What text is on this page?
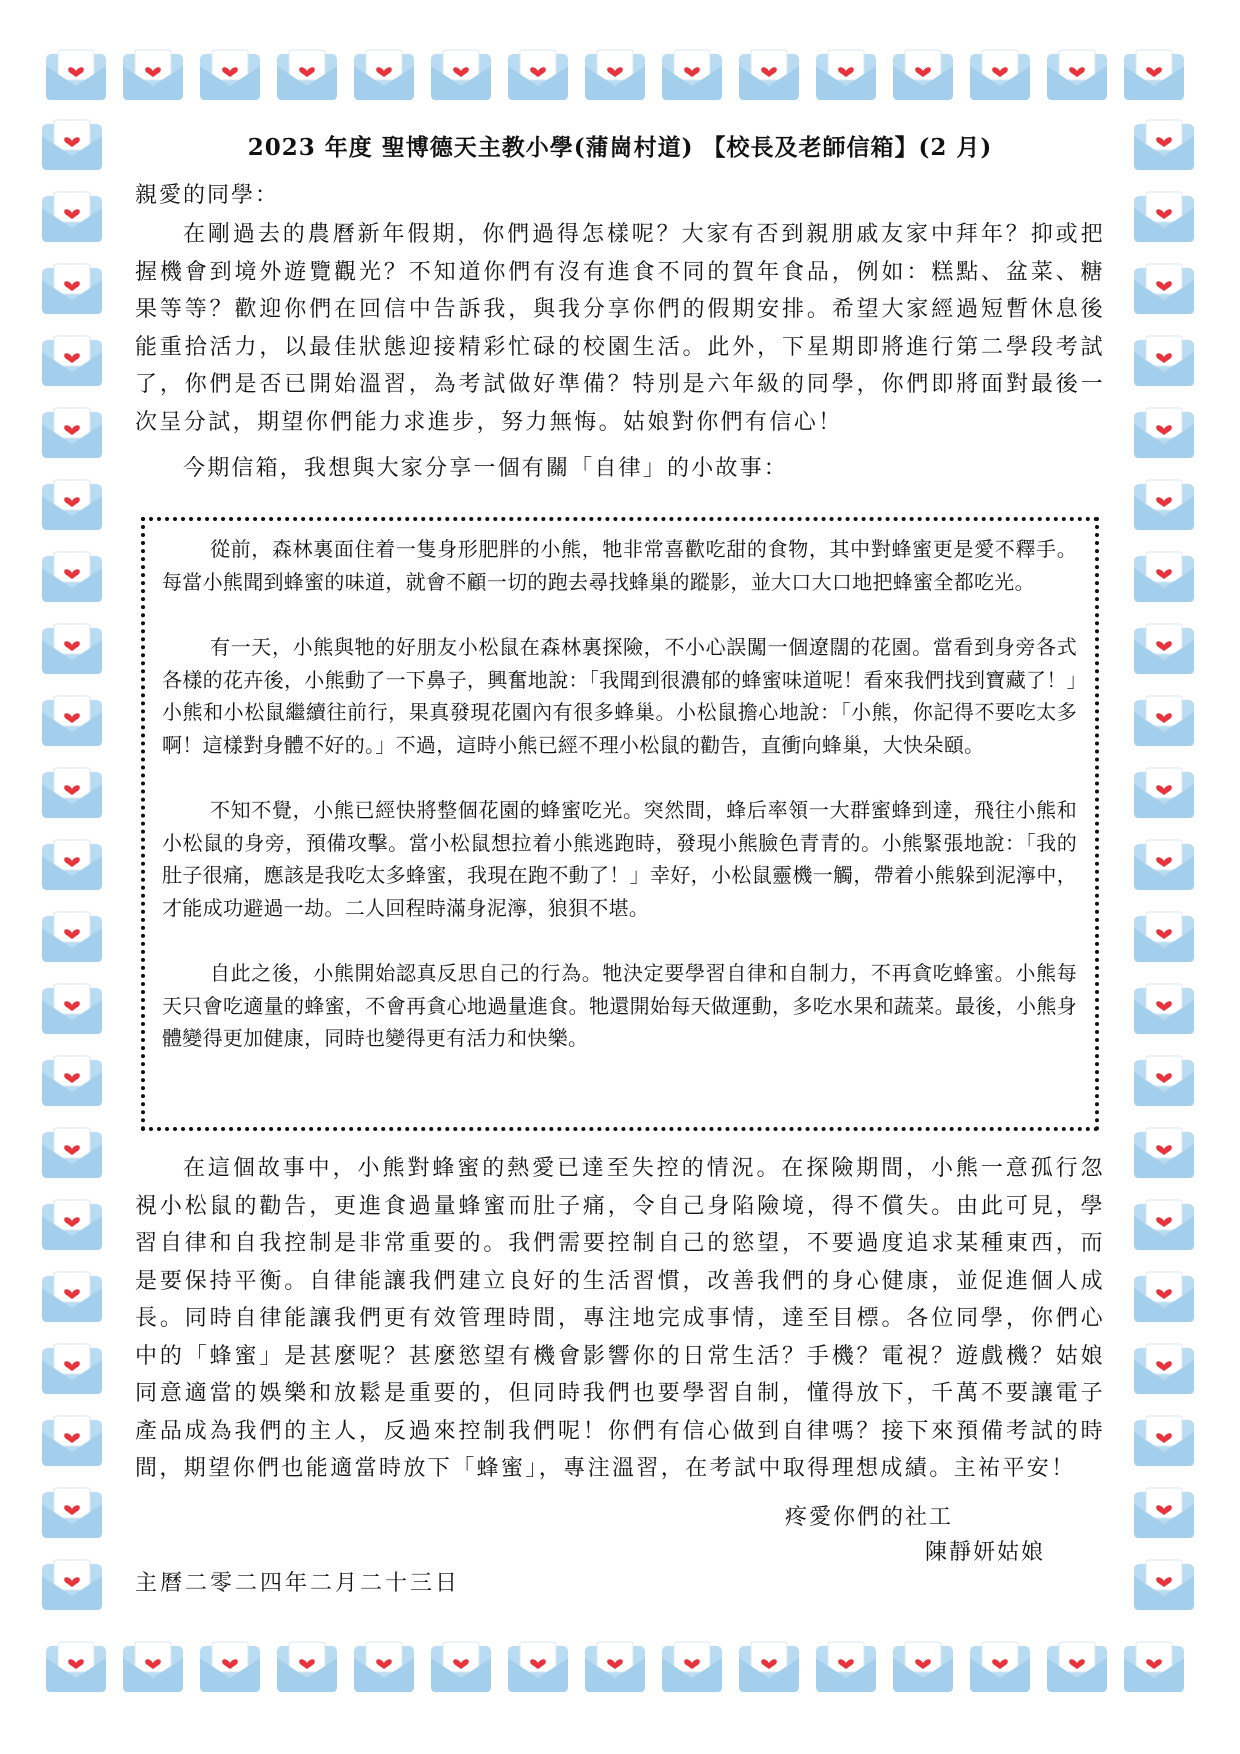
2023 年度 聖博德天主教小學(蒲崗村道) 【校長及老師信箱】(2 月)
親愛的同學：

在剛過去的農曆新年假期，你們過得怎樣呢？大家有否到親朋戚友家中拜年？抑或把握機會到境外遊覽觀光？不知道你們有沒有進食不同的賀年食品，例如：糕點、盆菜、糖果等等？歡迎你們在回信中告訴我，與我分享你們的假期安排。希望大家經過短暫休息後能重拾活力，以最佳狀態迎接精彩忙碌的校園生活。此外，下星期即將進行第二學段考試了，你們是否已開始溫習，為考試做好準備？特別是六年級的同學，你們即將面對最後一次呈分試，期望你們能力求進步，努力無悔。姑娘對你們有信心！

今期信箱，我想與大家分享一個有關「自律」的小故事：

從前，森林裏面住着一隻身形肥胖的小熊，牠非常喜歡吃甜的食物，其中對蜂蜜更是愛不釋手。每當小熊聞到蜂蜜的味道，就會不顧一切的跑去尋找蜂巢的蹤影，並大口大口地把蜂蜜全都吃光。

有一天，小熊與牠的好朋友小松鼠在森林裏探險，不小心誤闖一個遼闊的花園。當看到身旁各式各樣的花卉後，小熊動了一下鼻子，興奮地說：「我聞到很濃郁的蜂蜜味道呢！看來我們找到寶藏了！」小熊和小松鼠繼續往前行，果真發現花園內有很多蜂巢。小松鼠擔心地說：「小熊，你記得不要吃太多啊！這樣對身體不好的。」不過，這時小熊已經不理小松鼠的勸告，直衝向蜂巢，大快朵頤。

不知不覺，小熊已經快將整個花園的蜂蜜吃光。突然間，蜂后率領一大群蜜蜂到達，飛往小熊和小松鼠的身旁，預備攻擊。當小松鼠想拉着小熊逃跑時，發現小熊臉色青青的。小熊緊張地說：「我的肚子很痛，應該是我吃太多蜂蜜，我現在跑不動了！」幸好，小松鼠靈機一觸，帶着小熊躲到泥濘中，才能成功避過一劫。二人回程時滿身泥濘，狼狽不堪。

自此之後，小熊開始認真反思自己的行為。牠決定要學習自律和自制力，不再貪吃蜂蜜。小熊每天只會吃適量的蜂蜜，不會再貪心地過量進食。牠還開始每天做運動，多吃水果和蔬菜。最後，小熊身體變得更加健康，同時也變得更有活力和快樂。

在這個故事中，小熊對蜂蜜的熱愛已達至失控的情況。在探險期間，小熊一意孤行忽視小松鼠的勸告，更進食過量蜂蜜而肚子痛，令自己身陷險境，得不償失。由此可見，學習自律和自我控制是非常重要的。我們需要控制自己的慾望，不要過度追求某種東西，而是要保持平衡。自律能讓我們建立良好的生活習慣，改善我們的身心健康，並促進個人成長。同時自律能讓我們更有效管理時間，專注地完成事情，達至目標。各位同學，你們心中的「蜂蜜」是甚麼呢？甚麼慾望有機會影響你的日常生活？手機？電視？遊戲機？姑娘同意適當的娛樂和放鬆是重要的，但同時我們也要學習自制，懂得放下，千萬不要讓電子產品成為我們的主人，反過來控制我們呢！你們有信心做到自律嗎？接下來預備考試的時間，期望你們也能適當時放下「蜂蜜」，專注溫習，在考試中取得理想成績。主祐平安！

疼愛你們的社工
陳靜妍姑娘
主曆二零二四年二月二十三日
